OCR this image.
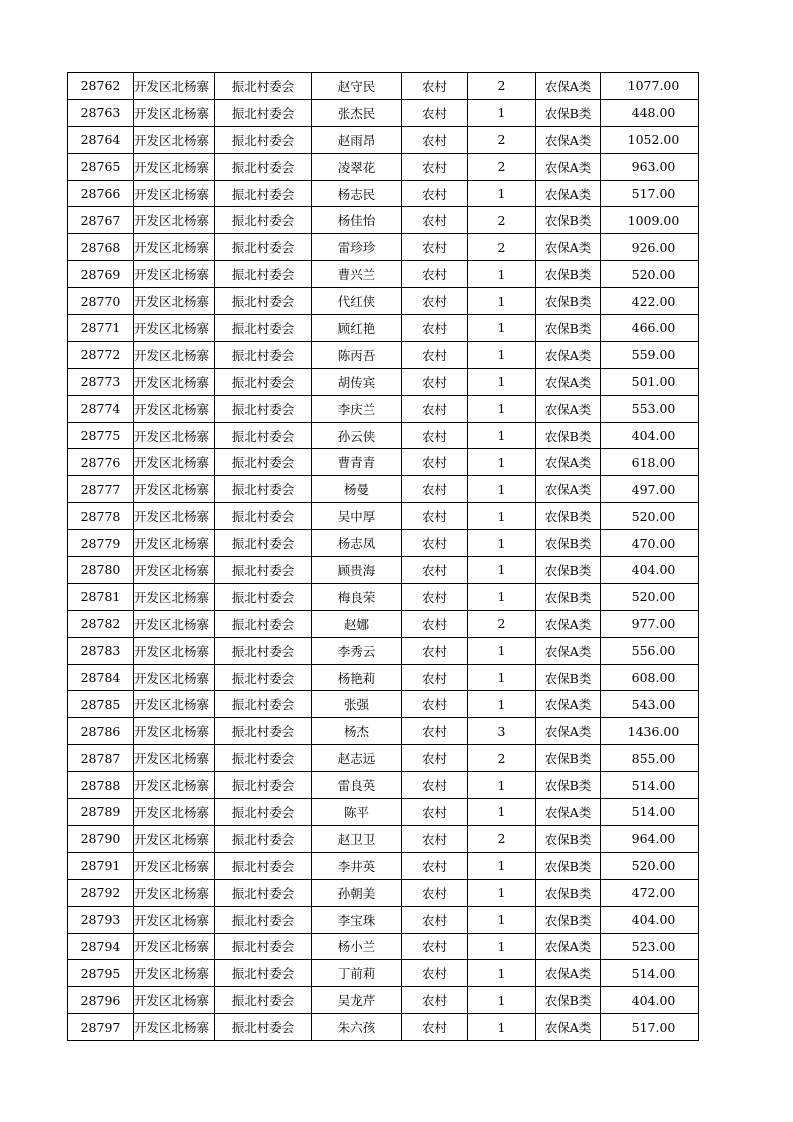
28762	开发区北杨寨	振北村委会	赵守民	农村	2	农保A类	1077.00
28763	开发区北杨寨	振北村委会	张杰民	农村	1	农保B类	448.00
28764	开发区北杨寨	振北村委会	赵雨昂	农村	2	农保A类	1052.00
28765	开发区北杨寨	振北村委会	凌翠花	农村	2	农保A类	963.00
28766	开发区北杨寨	振北村委会	杨志民	农村	1	农保A类	517.00
28767	开发区北杨寨	振北村委会	杨佳怡	农村	2	农保B类	1009.00
28768	开发区北杨寨	振北村委会	雷珍珍	农村	2	农保A类	926.00
28769	开发区北杨寨	振北村委会	曹兴兰	农村	1	农保B类	520.00
28770	开发区北杨寨	振北村委会	代红侠	农村	1	农保B类	422.00
28771	开发区北杨寨	振北村委会	顾红艳	农村	1	农保B类	466.00
28772	开发区北杨寨	振北村委会	陈丙吾	农村	1	农保A类	559.00
28773	开发区北杨寨	振北村委会	胡传宾	农村	1	农保A类	501.00
28774	开发区北杨寨	振北村委会	李庆兰	农村	1	农保A类	553.00
28775	开发区北杨寨	振北村委会	孙云侠	农村	1	农保B类	404.00
28776	开发区北杨寨	振北村委会	曹青青	农村	1	农保A类	618.00
28777	开发区北杨寨	振北村委会	杨曼	农村	1	农保A类	497.00
28778	开发区北杨寨	振北村委会	吴中厚	农村	1	农保B类	520.00
28779	开发区北杨寨	振北村委会	杨志凤	农村	1	农保B类	470.00
28780	开发区北杨寨	振北村委会	顾贵海	农村	1	农保B类	404.00
28781	开发区北杨寨	振北村委会	梅良荣	农村	1	农保B类	520.00
28782	开发区北杨寨	振北村委会	赵娜	农村	2	农保A类	977.00
28783	开发区北杨寨	振北村委会	李秀云	农村	1	农保A类	556.00
28784	开发区北杨寨	振北村委会	杨艳莉	农村	1	农保B类	608.00
28785	开发区北杨寨	振北村委会	张强	农村	1	农保A类	543.00
28786	开发区北杨寨	振北村委会	杨杰	农村	3	农保A类	1436.00
28787	开发区北杨寨	振北村委会	赵志远	农村	2	农保B类	855.00
28788	开发区北杨寨	振北村委会	雷良英	农村	1	农保B类	514.00
28789	开发区北杨寨	振北村委会	陈平	农村	1	农保A类	514.00
28790	开发区北杨寨	振北村委会	赵卫卫	农村	2	农保B类	964.00
28791	开发区北杨寨	振北村委会	李井英	农村	1	农保B类	520.00
28792	开发区北杨寨	振北村委会	孙朝美	农村	1	农保B类	472.00
28793	开发区北杨寨	振北村委会	李宝珠	农村	1	农保B类	404.00
28794	开发区北杨寨	振北村委会	杨小兰	农村	1	农保A类	523.00
28795	开发区北杨寨	振北村委会	丁前莉	农村	1	农保A类	514.00
28796	开发区北杨寨	振北村委会	吴龙芹	农村	1	农保B类	404.00
28797	开发区北杨寨	振北村委会	朱六孩	农村	1	农保A类	517.00
